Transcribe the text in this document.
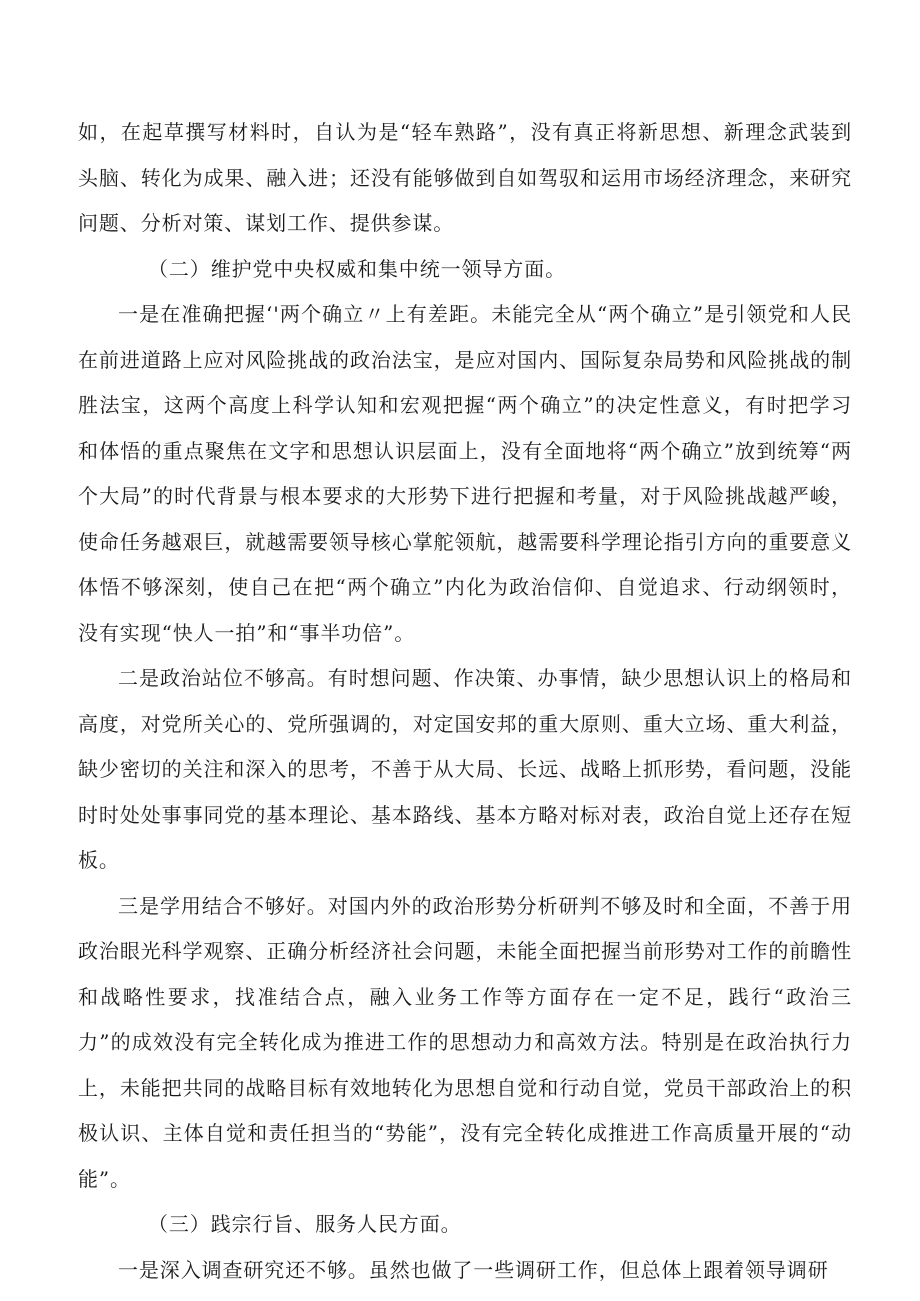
如，在起草撰写材料时，自认为是“轻车熟路”，没有真正将新思想、新理念武装到头脑、转化为成果、融入进；还没有能够做到自如驾驭和运用市场经济理念，来研究问题、分析对策、谋划工作、提供参谋。

（二）维护党中央权威和集中统一领导方面。

一是在准确把握‘'两个确立〃上有差距。未能完全从“两个确立”是引领党和人民在前进道路上应对风险挑战的政治法宝，是应对国内、国际复杂局势和风险挑战的制胜法宝，这两个高度上科学认知和宏观把握“两个确立”的决定性意义，有时把学习和体悟的重点聚焦在文字和思想认识层面上，没有全面地将“两个确立”放到统筹“两个大局”的时代背景与根本要求的大形势下进行把握和考量，对于风险挑战越严峻，使命任务越艰巨，就越需要领导核心掌舵领航，越需要科学理论指引方向的重要意义体悟不够深刻，使自己在把“两个确立”内化为政治信仰、自觉追求、行动纲领时，没有实现“快人一拍”和“事半功倍”。

二是政治站位不够高。有时想问题、作决策、办事情，缺少思想认识上的格局和高度，对党所关心的、党所强调的，对定国安邦的重大原则、重大立场、重大利益，缺少密切的关注和深入的思考，不善于从大局、长远、战略上抓形势，看问题，没能时时处处事事同党的基本理论、基本路线、基本方略对标对表，政治自觉上还存在短板。

三是学用结合不够好。对国内外的政治形势分析研判不够及时和全面，不善于用政治眼光科学观察、正确分析经济社会问题，未能全面把握当前形势对工作的前瞻性和战略性要求，找准结合点，融入业务工作等方面存在一定不足，践行“政治三力”的成效没有完全转化成为推进工作的思想动力和高效方法。特别是在政治执行力上，未能把共同的战略目标有效地转化为思想自觉和行动自觉，党员干部政治上的积极认识、主体自觉和责任担当的“势能”，没有完全转化成推进工作高质量开展的“动能”。

（三）践宗行旨、服务人民方面。

一是深入调查研究还不够。虽然也做了一些调研工作，但总体上跟着领导调研
